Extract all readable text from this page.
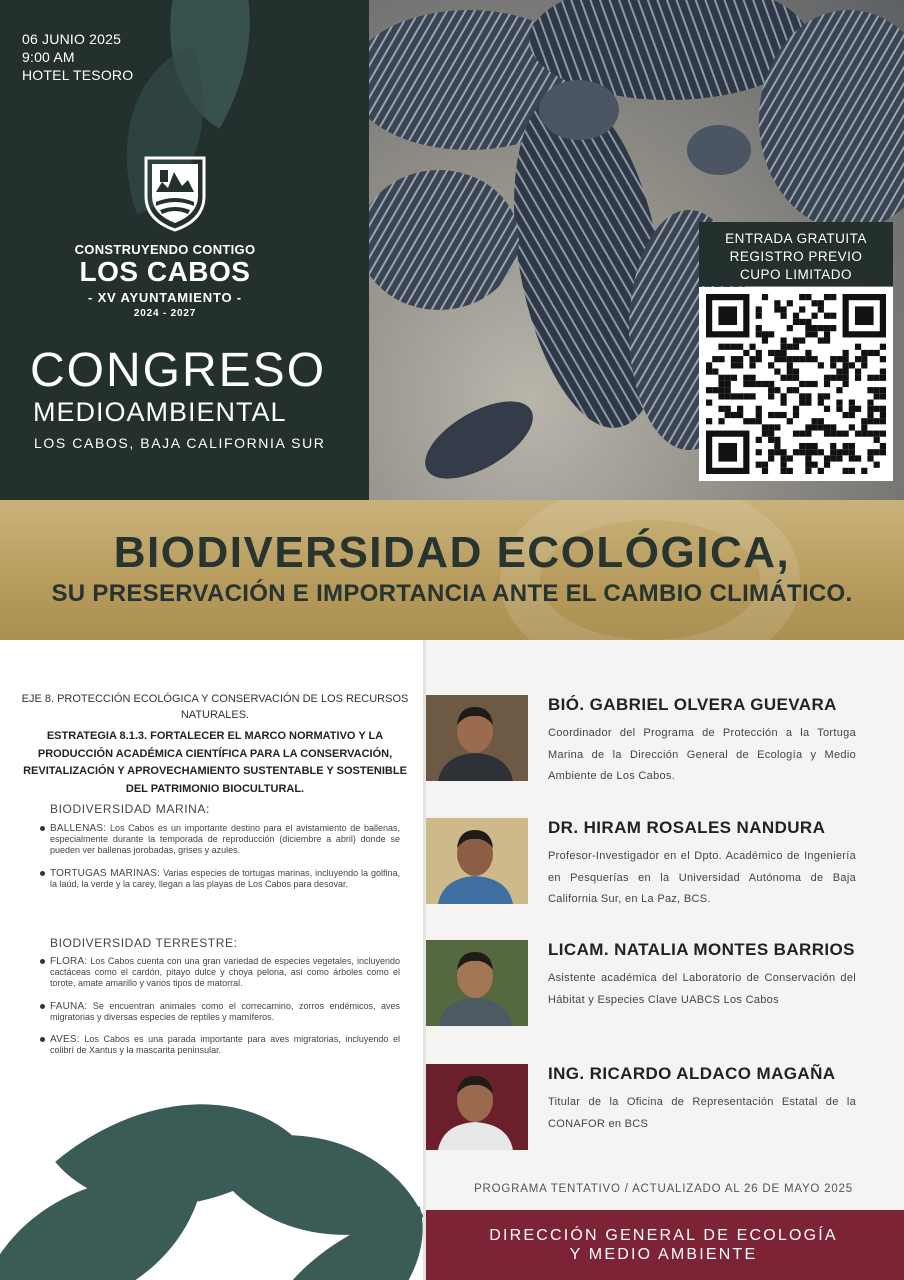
06 JUNIO 2025
9:00 AM
HOTEL TESORO
CONSTRUYENDO CONTIGO
LOS CABOS
- XV AYUNTAMIENTO -
2024 - 2027
CONGRESO
MEDIOAMBIENTAL
LOS CABOS, BAJA CALIFORNIA SUR
ENTRADA GRATUITA
REGISTRO PREVIO
CUPO LIMITADO
BIODIVERSIDAD ECOLÓGICA,
SU PRESERVACIÓN E IMPORTANCIA ANTE EL CAMBIO CLIMÁTICO.
EJE 8. PROTECCIÓN ECOLÓGICA Y CONSERVACIÓN DE LOS RECURSOS NATURALES.
ESTRATEGIA 8.1.3. FORTALECER EL MARCO NORMATIVO Y LA PRODUCCIÓN ACADÉMICA CIENTÍFICA PARA LA CONSERVACIÓN, REVITALIZACIÓN Y APROVECHAMIENTO SUSTENTABLE Y SOSTENIBLE DEL PATRIMONIO BIOCULTURAL.
BIODIVERSIDAD MARINA:
BALLENAS: Los Cabos es un importante destino para el avistamiento de ballenas, especialmente durante la temporada de reproducción (diciembre a abril) donde se pueden ver ballenas jorobadas, grises y azules.
TORTUGAS MARINAS: Varias especies de tortugas marinas, incluyendo la golfina, la laúd, la verde y la carey, llegan a las playas de Los Cabos para desovar.
BIODIVERSIDAD TERRESTRE:
FLORA: Los Cabos cuenta con una gran variedad de especies vegetales, incluyendo cactáceas como el cardón, pitayo dulce y choya pelona, así como árboles como el torote, amate amarillo y varios tipos de matorral.
FAUNA: Se encuentran animales como el correcamino, zorros endémicos, aves migratorias y diversas especies de reptiles y mamíferos.
AVES: Los Cabos es una parada importante para aves migratorias, incluyendo el colibrí de Xantus y la mascarita peninsular.
BIÓ. GABRIEL OLVERA GUEVARA
Coordinador del Programa de Protección a la Tortuga Marina de la Dirección General de Ecología y Medio Ambiente de Los Cabos.
DR. HIRAM ROSALES NANDURA
Profesor-Investigador en el Dpto. Académico de Ingeniería en Pesquerías en la Universidad Autónoma de Baja California Sur, en La Paz, BCS.
LICAM. NATALIA MONTES BARRIOS
Asistente académica del Laboratorio de Conservación del Hábitat y Especies Clave UABCS Los Cabos
ING. RICARDO ALDACO MAGAÑA
Titular de la Oficina de Representación Estatal de la CONAFOR en BCS
PROGRAMA TENTATIVO / ACTUALIZADO AL 26 DE MAYO 2025
DIRECCIÓN GENERAL DE ECOLOGÍA
Y MEDIO AMBIENTE
